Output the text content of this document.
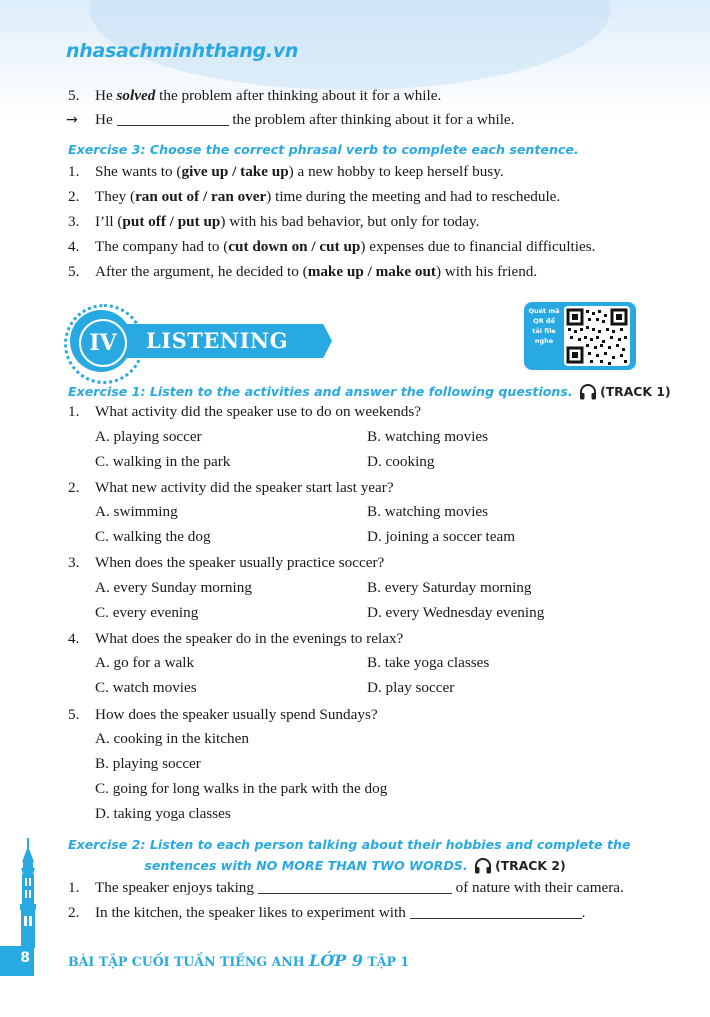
nhasachminhthang.vn
5. He solved the problem after thinking about it for a while.
→ He	the problem after thinking about it for a while.
Exercise 3: Choose the correct phrasal verb to complete each sentence.
1. She wants to (give up / take up) a new hobby to keep herself busy.
2. They (ran out of / ran over) time during the meeting and had to reschedule.
3. I’ll (put off / put up) with his bad behavior, but only for today.
4. The company had to (cut down on / cut up) expenses due to financial difficulties.
5. After the argument, he decided to (make up / make out) with his friend.
LISTENING
IV
Quét mã QR để tải file nghe
Exercise 1: Listen to the activities and answer the following questions. (TRACK 1)
1. What activity did the speaker use to do on weekends?
A. playing soccer	B. watching movies
C. walking in the park	D. cooking
2. What new activity did the speaker start last year?
A. swimming	B. watching movies
C. walking the dog	D. joining a soccer team
3. When does the speaker usually practice soccer?
A. every Sunday morning	B. every Saturday morning
C. every evening	D. every Wednesday evening
4. What does the speaker do in the evenings to relax?
A. go for a walk	B. take yoga classes
C. watch movies	D. play soccer
5. How does the speaker usually spend Sundays?
A. cooking in the kitchen
B. playing soccer
C. going for long walks in the park with the dog
D. taking yoga classes
Exercise 2: Listen to each person talking about their hobbies and complete the
sentences with NO MORE THAN TWO WORDS. (TRACK 2)
1. The speaker enjoys taking	of nature with their camera.
2. In the kitchen, the speaker likes to experiment with	.
8	BÀI TẬP CUỐI TUẦN TIẾNG ANH LỚP 9 TẬP 1
